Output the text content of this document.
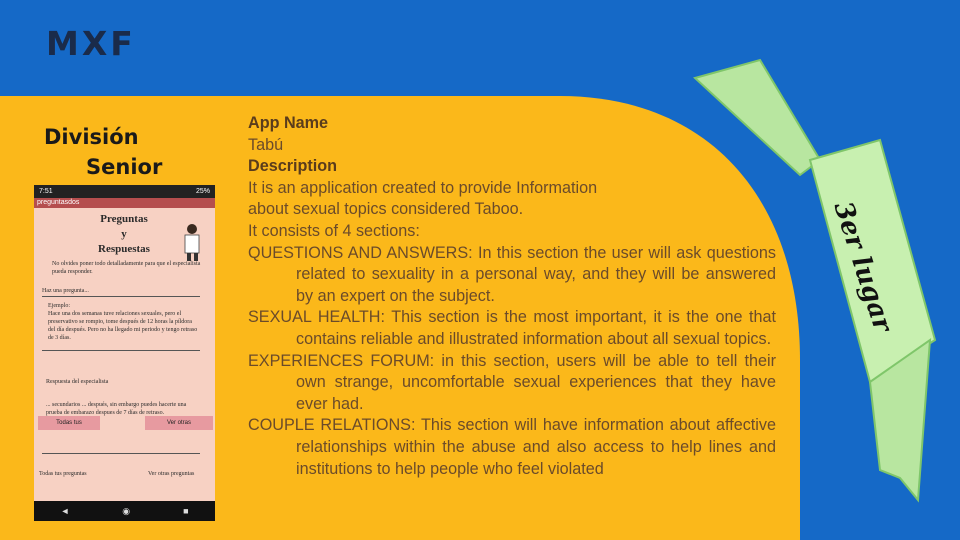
MXF
División
Senior
7:51	25%
preguntasdos
Preguntas
y
Respuestas
No olvides poner todo detalladamente para que el especialista pueda responder.
Haz una pregunta...
Ejemplo:
Hace una dos semanas tuve relaciones sexuales, pero el preservativo se rompio, tome después de 12 horas la píldora del día después. Pero no ha llegado mi periodo y tengo retraso de 3 días.
Respuesta del especialista
... secundarios ... después, sin embargo puedes hacerte una prueba de embarazo despues de 7 días de retraso.
Todas tus	Ver otras
Todas tus preguntas	Ver otras preguntas
◄	◉	■
App Name
Tabú
Description
It is an application created to provide Information
about sexual topics considered Taboo.
It consists of 4 sections:
QUESTIONS AND ANSWERS: In this section the user will ask questions related to sexuality in a personal way, and they will be answered by an expert on the subject.
SEXUAL HEALTH: This section is the most important, it is the one that contains reliable and illustrated information about all sexual topics.
EXPERIENCES FORUM: in this section, users will be able to tell their own strange, uncomfortable sexual experiences that they have ever had.
COUPLE RELATIONS: This section will have information about affective relationships within the abuse and also access to help lines and institutions to help people who feel violated
3er lugar
